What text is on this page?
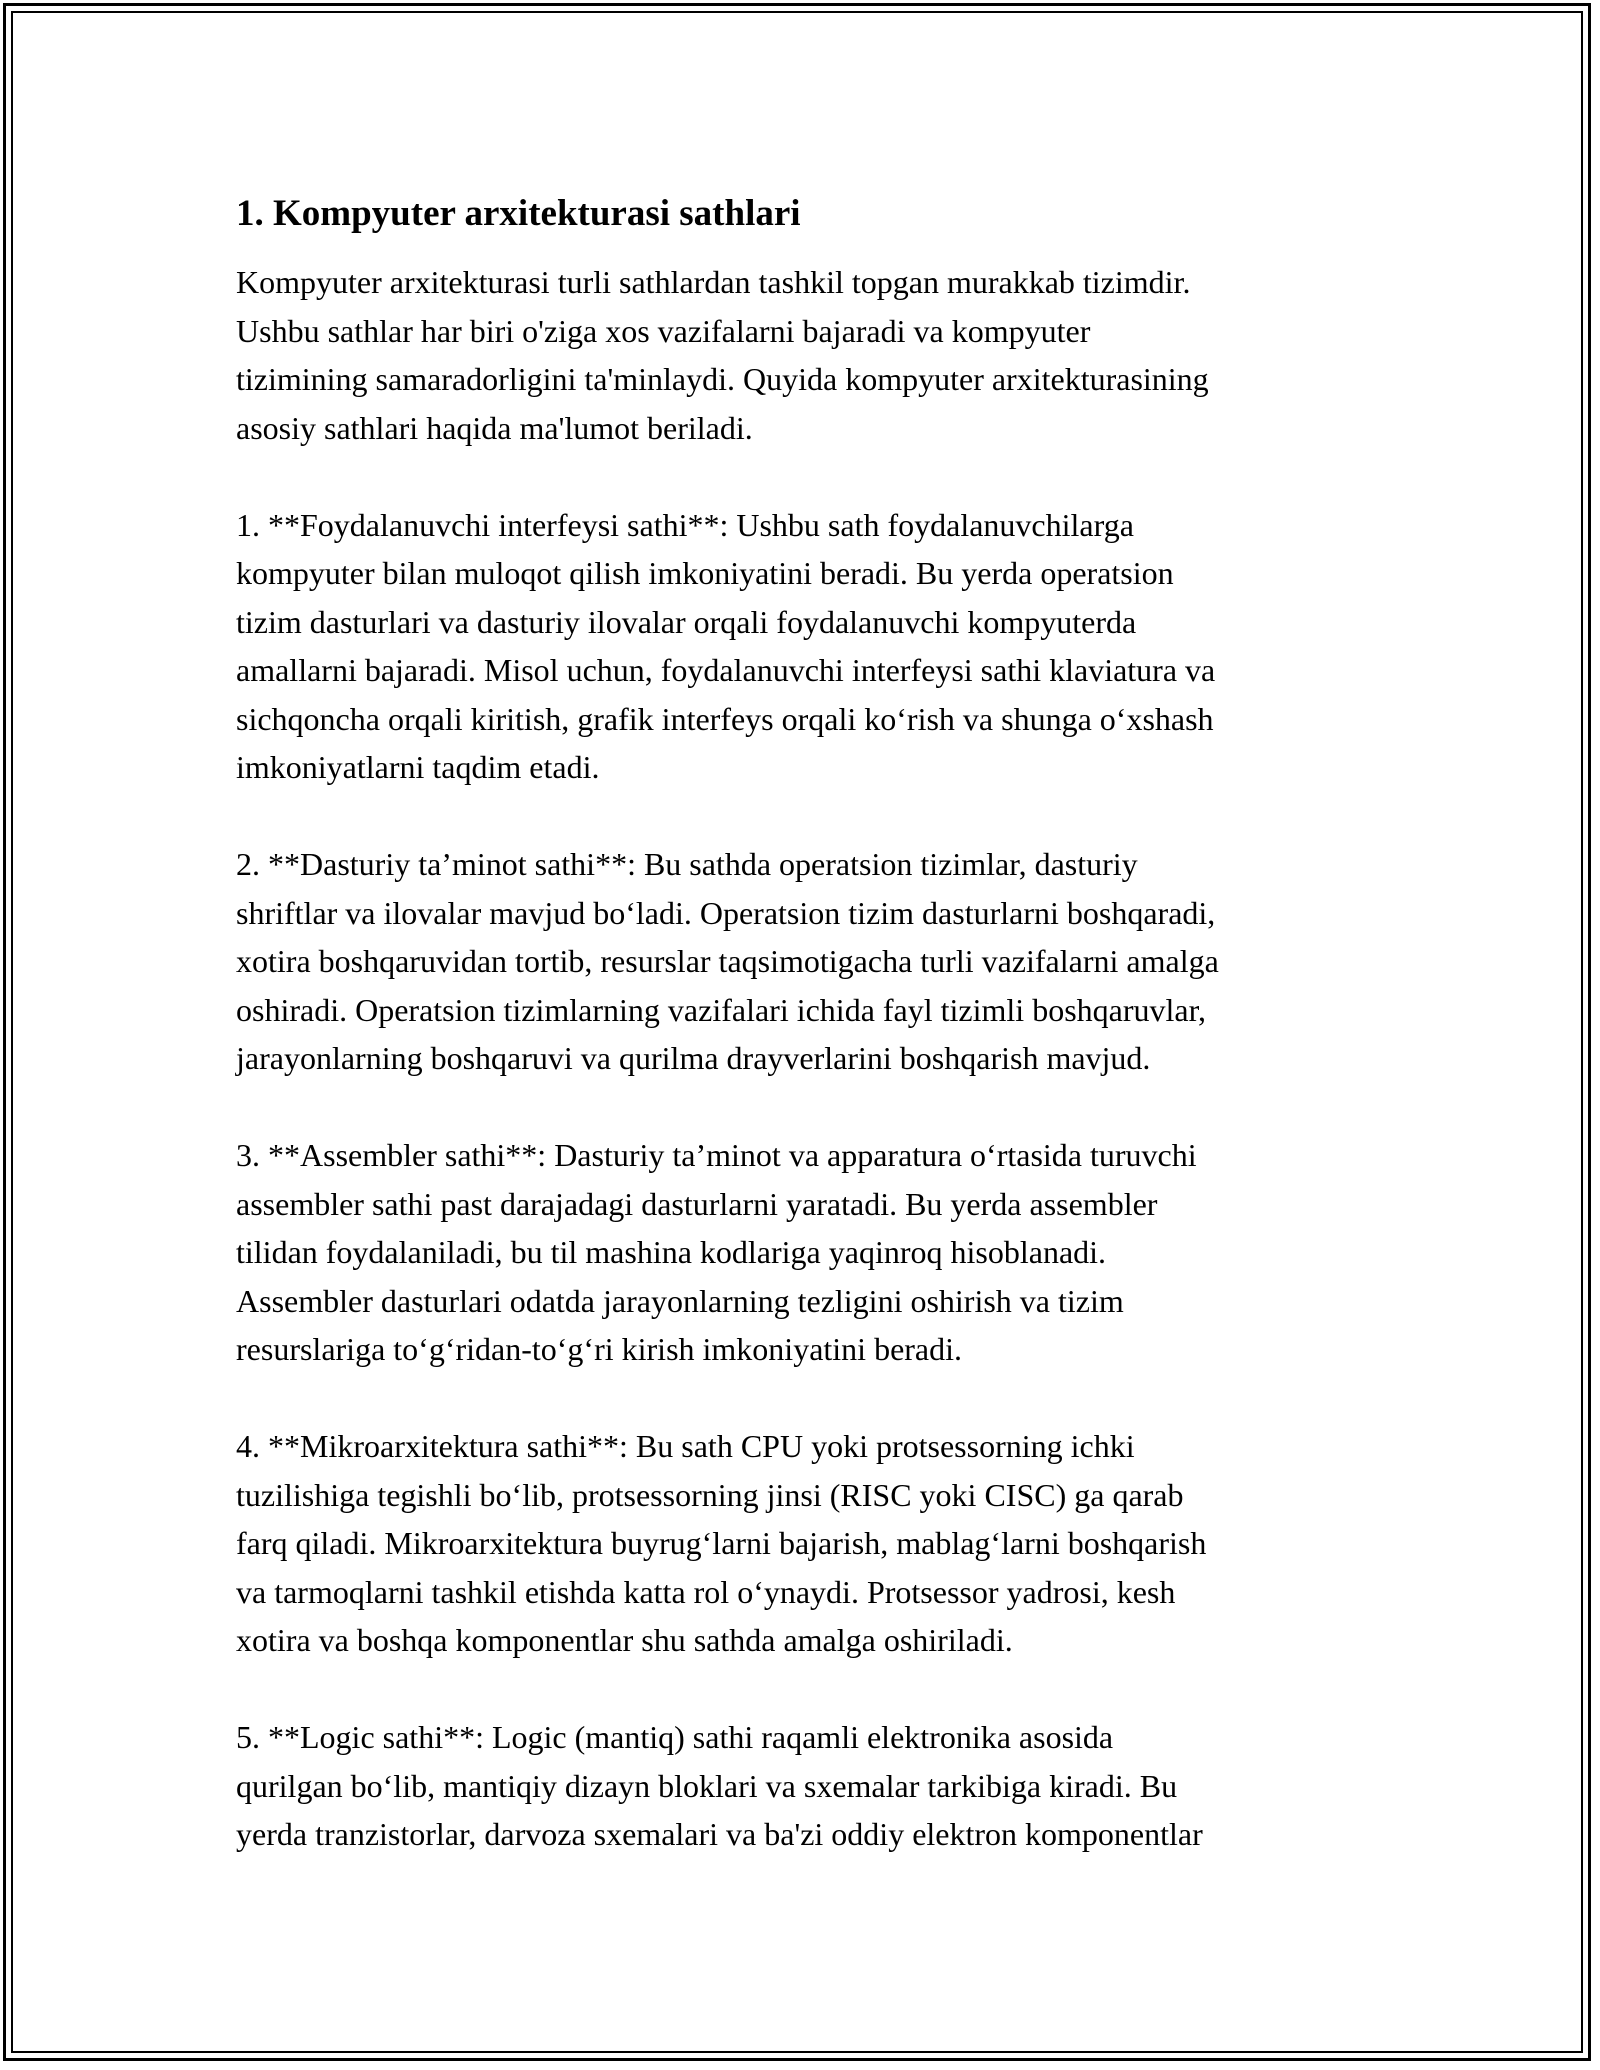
1. Kompyuter arxitekturasi sathlari

Kompyuter arxitekturasi turli sathlardan tashkil topgan murakkab tizimdir.
Ushbu sathlar har biri o'ziga xos vazifalarni bajaradi va kompyuter
tizimining samaradorligini ta'minlaydi. Quyida kompyuter arxitekturasining
asosiy sathlari haqida ma'lumot beriladi.

1. **Foydalanuvchi interfeysi sathi**: Ushbu sath foydalanuvchilarga
kompyuter bilan muloqot qilish imkoniyatini beradi. Bu yerda operatsion
tizim dasturlari va dasturiy ilovalar orqali foydalanuvchi kompyuterda
amallarni bajaradi. Misol uchun, foydalanuvchi interfeysi sathi klaviatura va
sichqoncha orqali kiritish, grafik interfeys orqali koʻrish va shunga oʻxshash
imkoniyatlarni taqdim etadi.

2. **Dasturiy ta’minot sathi**: Bu sathda operatsion tizimlar, dasturiy
shriftlar va ilovalar mavjud boʻladi. Operatsion tizim dasturlarni boshqaradi,
xotira boshqaruvidan tortib, resurslar taqsimotigacha turli vazifalarni amalga
oshiradi. Operatsion tizimlarning vazifalari ichida fayl tizimli boshqaruvlar,
jarayonlarning boshqaruvi va qurilma drayverlarini boshqarish mavjud.

3. **Assembler sathi**: Dasturiy ta’minot va apparatura oʻrtasida turuvchi
assembler sathi past darajadagi dasturlarni yaratadi. Bu yerda assembler
tilidan foydalaniladi, bu til mashina kodlariga yaqinroq hisoblanadi.
Assembler dasturlari odatda jarayonlarning tezligini oshirish va tizim
resurslariga toʻgʻridan-toʻgʻri kirish imkoniyatini beradi.

4. **Mikroarxitektura sathi**: Bu sath CPU yoki protsessorning ichki
tuzilishiga tegishli boʻlib, protsessorning jinsi (RISC yoki CISC) ga qarab
farq qiladi. Mikroarxitektura buyrugʻlarni bajarish, mablagʻlarni boshqarish
va tarmoqlarni tashkil etishda katta rol oʻynaydi. Protsessor yadrosi, kesh
xotira va boshqa komponentlar shu sathda amalga oshiriladi.

5. **Logic sathi**: Logic (mantiq) sathi raqamli elektronika asosida
qurilgan boʻlib, mantiqiy dizayn bloklari va sxemalar tarkibiga kiradi. Bu
yerda tranzistorlar, darvoza sxemalari va ba'zi oddiy elektron komponentlar
